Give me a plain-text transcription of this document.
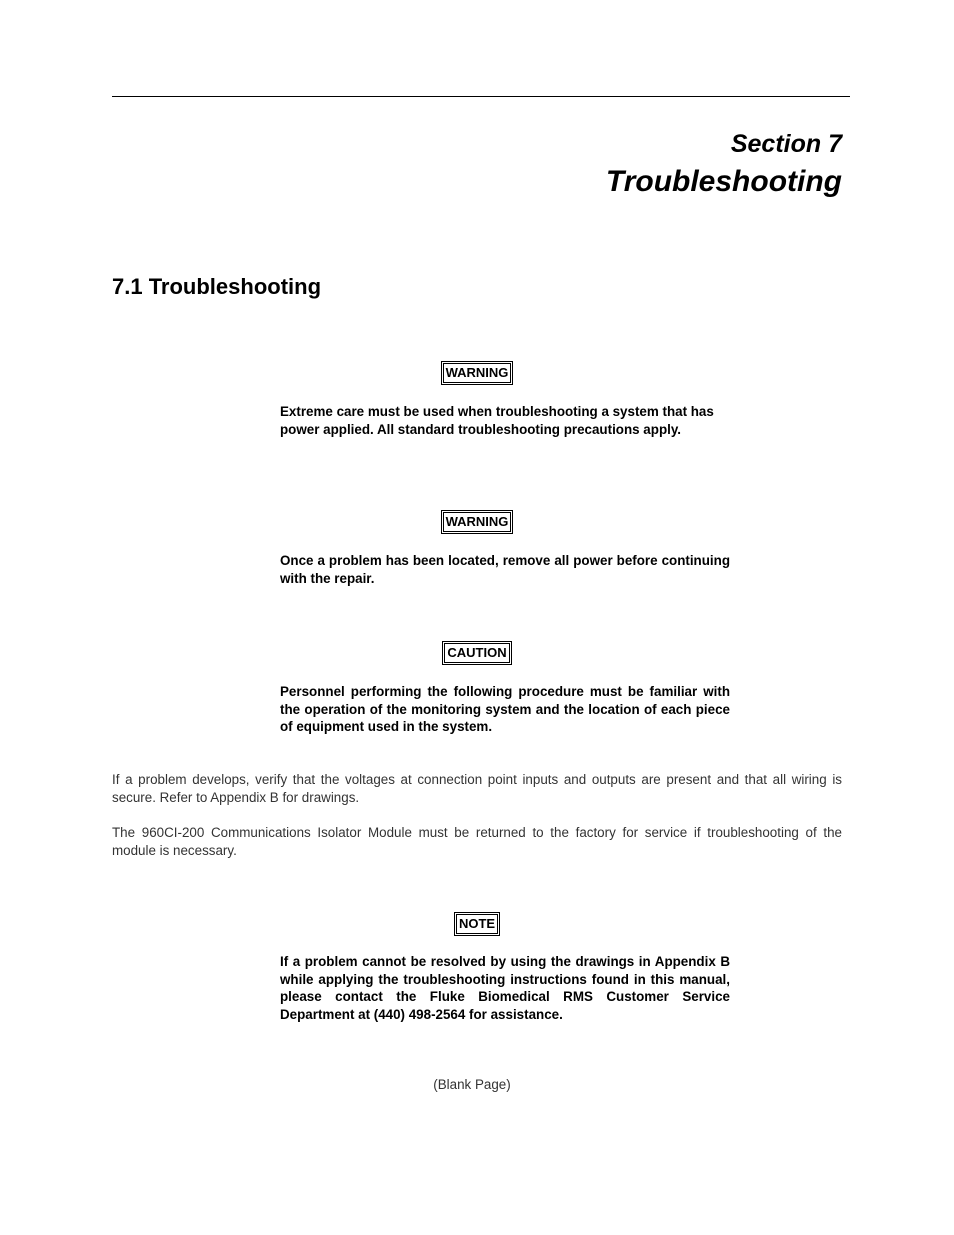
Section 7
Troubleshooting
7.1 Troubleshooting
WARNING

Extreme care must be used when troubleshooting a system that has power applied. All standard troubleshooting precautions apply.

WARNING

Once a problem has been located, remove all power before continuing with the repair.

CAUTION

Personnel performing the following procedure must be familiar with the operation of the monitoring system and the location of each piece of equipment used in the system.

If a problem develops, verify that the voltages at connection point inputs and outputs are present and that all wiring is secure. Refer to Appendix B for drawings.

The 960CI-200 Communications Isolator Module must be returned to the factory for service if troubleshooting of the module is necessary.

NOTE

If a problem cannot be resolved by using the drawings in Appendix B while applying the troubleshooting instructions found in this manual, please contact the Fluke Biomedical RMS Customer Service Department at (440) 498-2564 for assistance.

(Blank Page)
